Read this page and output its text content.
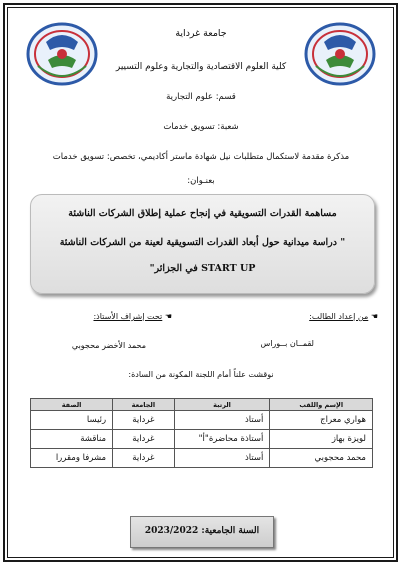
جامعة غرداية
كلية العلوم الاقتصادية والتجارية وعلوم التسيير
قسم: علوم التجارية
شعبة: تسويق خدمات
مذكرة مقدمة لاستكمال متطلبات نيل شهادة ماستر أكاديمي، تخصص: تسويق خدمات
بعنـوان:
مساهمة القدرات التسويقية في إنجاح عملية إطلاق الشركات الناشئة
" دراسة ميدانية حول أبعاد القدرات التسويقية لعينة من الشركات الناشئة
START UP في الجزائر"
☚ من إعداد الطالب:
☚ تحت إشراف الأستاذ:
لقمــان بــوراس
محمد الأخضر محجوبي
نوقشت علناً أمام اللجنة المكونة من السادة:
الإسم واللقب	الرتبة	الجامعة	الصفة
هواري معراج	أستاذ	غرداية	رئيسا
لويزة بهاز	أستاذة محاضرة"أ"	غرداية	مناقشة
محمد محجوبي	أستاذ	غرداية	مشرفا ومقررا
السنة الجامعية: 2023/2022
